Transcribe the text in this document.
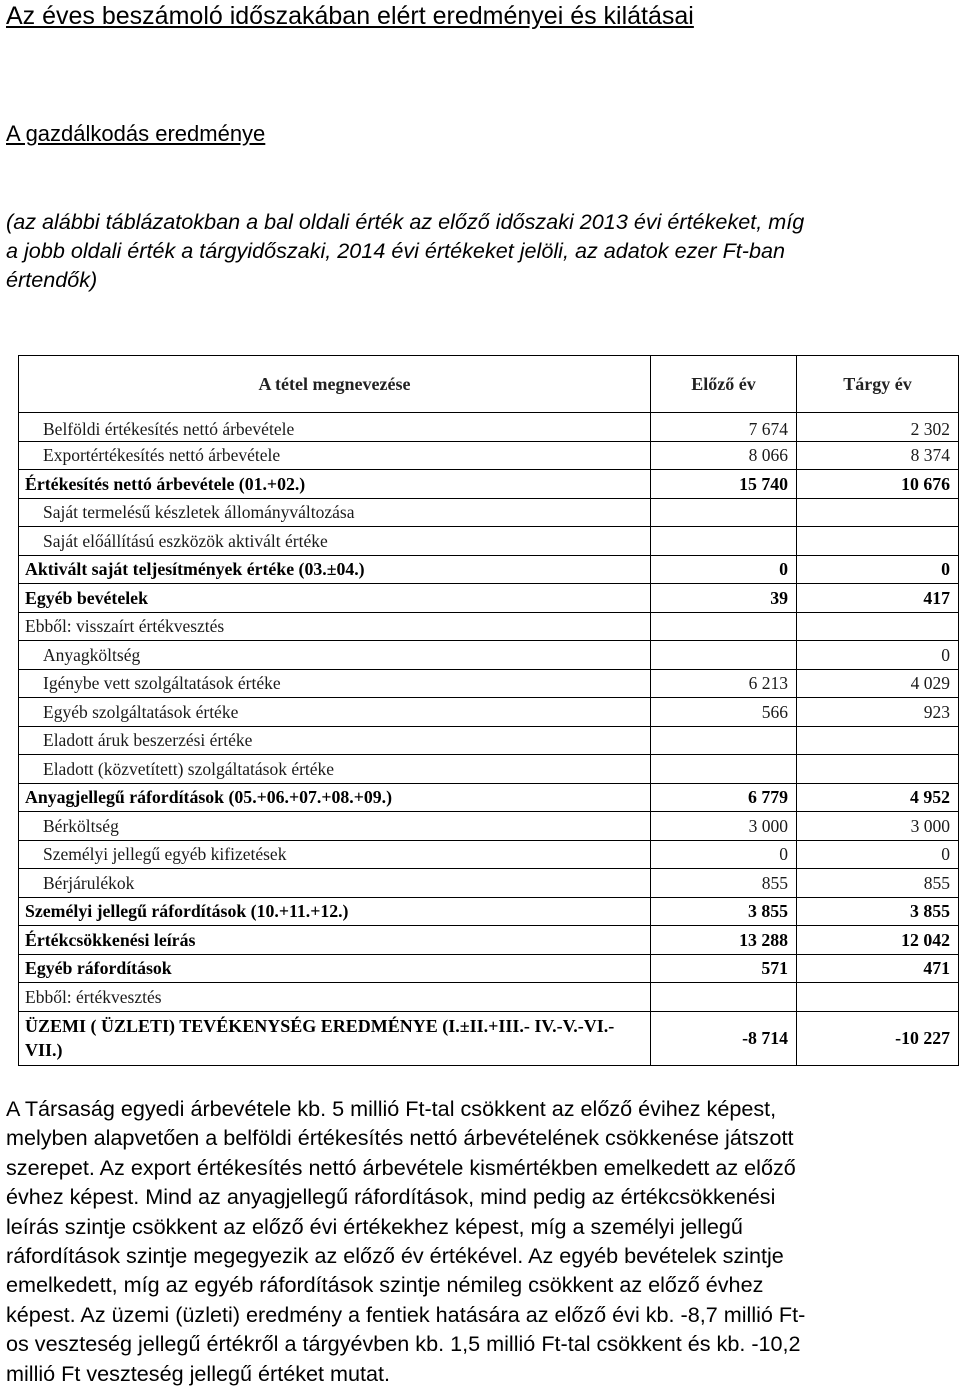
Az éves beszámoló időszakában elért eredményei és kilátásai
A gazdálkodás eredménye

(az alábbi táblázatokban a bal oldali érték az előző időszaki 2013 évi értékeket, míg
a jobb oldali érték a tárgyidőszaki, 2014 évi értékeket jelöli, az adatok ezer Ft-ban
értendők)

A tétel megnevezése	Előző év	Tárgy év
Belföldi értékesítés nettó árbevétele	7 674	2 302
Exportértékesítés nettó árbevétele	8 066	8 374
Értékesítés nettó árbevétele (01.+02.)	15 740	10 676
Saját termelésű készletek állományváltozása		
Saját előállítású eszközök aktivált értéke		
Aktivált saját teljesítmények értéke (03.±04.)	0	0
Egyéb bevételek	39	417
Ebből: visszaírt értékvesztés		
Anyagköltség		0
Igénybe vett szolgáltatások értéke	6 213	4 029
Egyéb szolgáltatások értéke	566	923
Eladott áruk beszerzési értéke		
Eladott (közvetített) szolgáltatások értéke		
Anyagjellegű ráfordítások (05.+06.+07.+08.+09.)	6 779	4 952
Bérköltség	3 000	3 000
Személyi jellegű egyéb kifizetések	0	0
Bérjárulékok	855	855
Személyi jellegű ráfordítások (10.+11.+12.)	3 855	3 855
Értékcsökkenési leírás	13 288	12 042
Egyéb ráfordítások	571	471
Ebből: értékvesztés		
ÜZEMI ( ÜZLETI) TEVÉKENYSÉG EREDMÉNYE (I.±II.+III.- IV.-V.-VI.-VII.)	-8 714	-10 227

A Társaság egyedi árbevétele kb. 5 millió Ft-tal csökkent az előző évihez képest,
melyben alapvetően a belföldi értékesítés nettó árbevételének csökkenése játszott
szerepet. Az export értékesítés nettó árbevétele kismértékben emelkedett az előző
évhez képest. Mind az anyagjellegű ráfordítások, mind pedig az értékcsökkenési
leírás szintje csökkent az előző évi értékekhez képest, míg a személyi jellegű
ráfordítások szintje megegyezik az előző év értékével. Az egyéb bevételek szintje
emelkedett, míg az egyéb ráfordítások szintje némileg csökkent az előző évhez
képest. Az üzemi (üzleti) eredmény a fentiek hatására az előző évi kb. -8,7 millió Ft-
os veszteség jellegű értékről a tárgyévben kb. 1,5 millió Ft-tal csökkent és kb. -10,2
millió Ft veszteség jellegű értéket mutat.
